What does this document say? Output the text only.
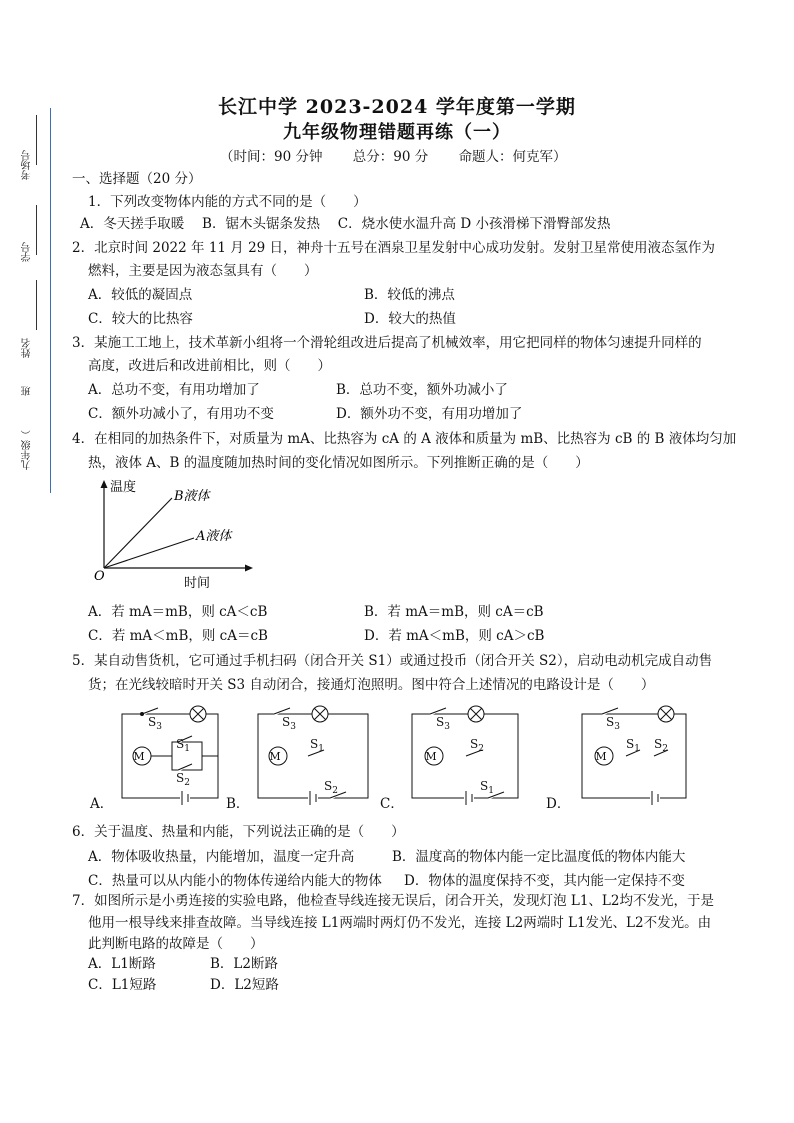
考场号
学号
姓名
班
九年级（
长江中学 2023-2024 学年度第一学期
九年级物理错题再练（一）
（时间：90 分钟 总分：90 分 命题人：何克军）
一、选择题（20 分）
1．下列改变物体内能的方式不同的是（　　）
A．冬天搓手取暖　 B．锯木头锯条发热　 C．烧水使水温升高 D 小孩滑梯下滑臀部发热
2．北京时间 2022 年 11 月 29 日，神舟十五号在酒泉卫星发射中心成功发射。发射卫星常使用液态氢作为
燃料，主要是因为液态氢具有（　　）
A．较低的凝固点	B．较低的沸点
C．较大的比热容	D．较大的热值
3．某施工工地上，技术革新小组将一个滑轮组改进后提高了机械效率，用它把同样的物体匀速提升同样的
高度，改进后和改进前相比，则（　　）
A．总功不变，有用功增加了	B．总功不变，额外功减小了
C．额外功减小了，有用功不变	D．额外功不变，有用功增加了
4．在相同的加热条件下，对质量为 mA、比热容为 cA 的 A 液体和质量为 mB、比热容为 cB 的 B 液体均匀加
热，液体 A、B 的温度随加热时间的变化情况如图所示。下列推断正确的是（　　）
温度
B液体
A液体
O	时间
A．若 mA＝mB，则 cA＜cB	B．若 mA＝mB，则 cA＝cB
C．若 mA＜mB，则 cA＝cB	D．若 mA＜mB，则 cA＞cB
5．某自动售货机，它可通过手机扫码（闭合开关 S1）或通过投币（闭合开关 S2），启动电动机完成自动售
货；在光线较暗时开关 S3 自动闭合，接通灯泡照明。图中符合上述情况的电路设计是（　　）
M	M	M	M
$S_3$
$S_1$
$S_2$
$S_3$
$S_1$
$S_2$
$S_3$
$S_2$
$S_1$
$S_3$
$S_1$ $S_2$
A．	B．	C．	D．
6．关于温度、热量和内能，下列说法正确的是（　　）
A．物体吸收热量，内能增加，温度一定升高	B．温度高的物体内能一定比温度低的物体内能大
C．热量可以从内能小的物体传递给内能大的物体 D．物体的温度保持不变，其内能一定保持不变
7．如图所示是小勇连接的实验电路，他检查导线连接无误后，闭合开关，发现灯泡 L1、L2均不发光，于是
他用一根导线来排查故障。当导线连接 L1两端时两灯仍不发光，连接 L2两端时 L1发光、L2不发光。由
此判断电路的故障是（　　）
A．L1断路	B．L2断路
C．L1短路	D．L2短路
